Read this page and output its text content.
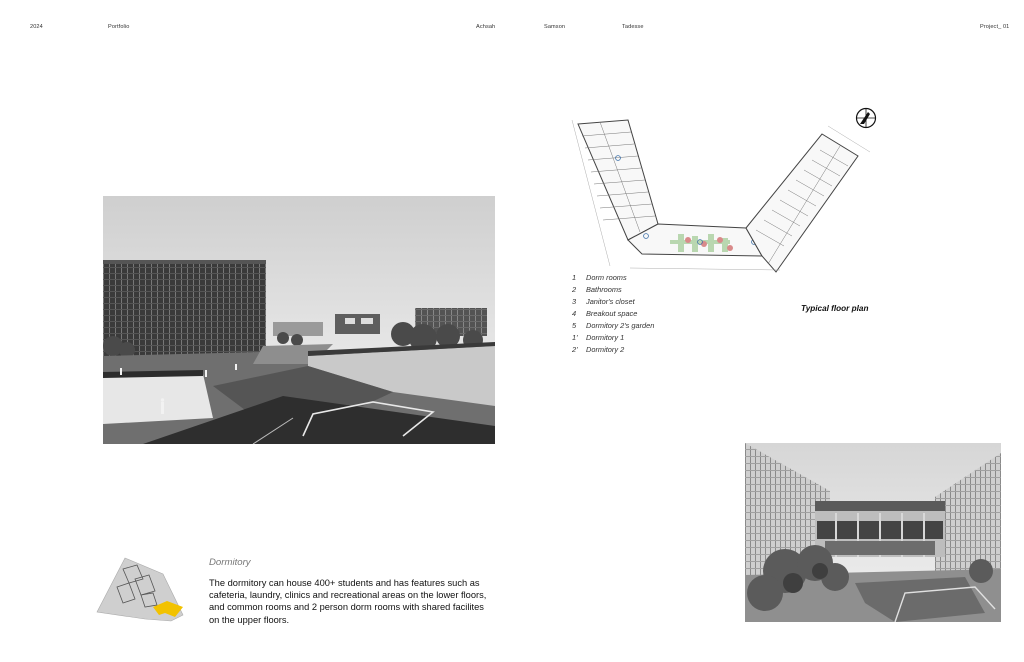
2024	Portfolio	Achsah	Samson	Tadesse	Project_ 01
1 Dorm rooms
2 Bathrooms
3 Janitor's closet
4 Breakout space
5 Dormitory 2's garden
1' Dormitory 1
2' Dormitory 2
Typical floor plan
Dormitory
The dormitory can house 400+ students and has features such as cafeteria, laundry, clinics and recreational areas on the lower floors, and common rooms and 2 person dorm rooms with shared facilites on the upper floors.
